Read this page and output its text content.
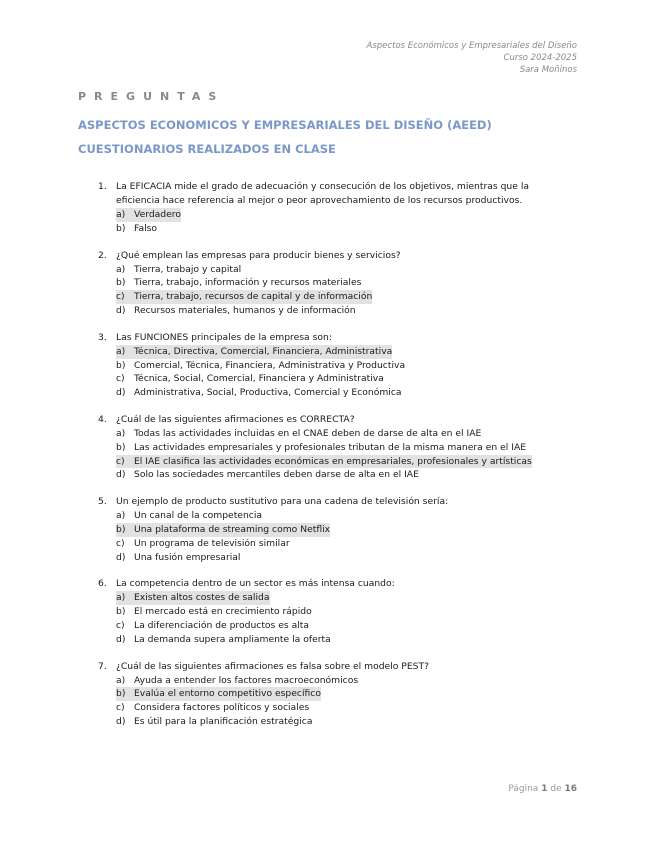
Aspectos Económicos y Empresariales del Diseño
Curso 2024-2025
Sara Moñinos
PREGUNTAS
ASPECTOS ECONOMICOS Y EMPRESARIALES DEL DISEÑO (AEED)
CUESTIONARIOS REALIZADOS EN CLASE
1.	La EFICACIA mide el grado de adecuación y consecución de los objetivos, mientras que la eficiencia hace referencia al mejor o peor aprovechamiento de los recursos productivos.
a) Verdadero
b) Falso
2.	¿Qué emplean las empresas para producir bienes y servicios?
a) Tierra, trabajo y capital
b) Tierra, trabajo, información y recursos materiales
c)	Tierra, trabajo, recursos de capital y de información
d) Recursos materiales, humanos y de información
3.	Las FUNCIONES principales de la empresa son:
a) Técnica, Directiva, Comercial, Financiera, Administrativa
b) Comercial, Técnica, Financiera, Administrativa y Productiva
c)	Técnica, Social, Comercial, Financiera y Administrativa
d) Administrativa, Social, Productiva, Comercial y Económica
4.	¿Cuál de las siguientes afirmaciones es CORRECTA?
a) Todas las actividades incluidas en el CNAE deben de darse de alta en el IAE
b) Las actividades empresariales y profesionales tributan de la misma manera en el IAE
c)	El IAE clasifica las actividades económicas en empresariales, profesionales y artísticas
d) Solo las sociedades mercantiles deben darse de alta en el IAE
5.	Un ejemplo de producto sustitutivo para una cadena de televisión sería:
a) Un canal de la competencia
b) Una plataforma de streaming como Netflix
c)	Un programa de televisión similar
d) Una fusión empresarial
6.	La competencia dentro de un sector es más intensa cuando:
a) Existen altos costes de salida
b) El mercado está en crecimiento rápido
c)	La diferenciación de productos es alta
d) La demanda supera ampliamente la oferta
7.	¿Cuál de las siguientes afirmaciones es falsa sobre el modelo PEST?
a) Ayuda a entender los factores macroeconómicos
b) Evalúa el entorno competitivo específico
c)	Considera factores políticos y sociales
d) Es útil para la planificación estratégica
Página 1 de 16
